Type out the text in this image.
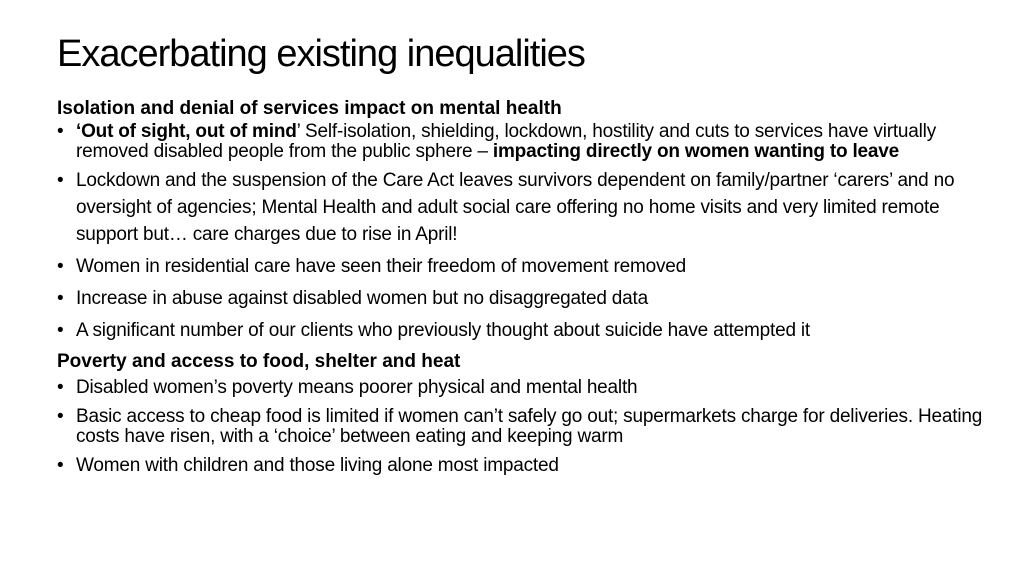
Exacerbating existing inequalities
Isolation and denial of services impact on mental health
• ‘Out of sight, out of mind’ Self-isolation, shielding, lockdown, hostility and cuts to services have virtually removed disabled people from the public sphere – impacting directly on women wanting to leave
• Lockdown and the suspension of the Care Act leaves survivors dependent on family/partner ‘carers’ and no oversight of agencies; Mental Health and adult social care offering no home visits and very limited remote support but… care charges due to rise in April!
• Women in residential care have seen their freedom of movement removed
• Increase in abuse against disabled women but no disaggregated data
• A significant number of our clients who previously thought about suicide have attempted it
Poverty and access to food, shelter and heat
• Disabled women’s poverty means poorer physical and mental health
• Basic access to cheap food is limited if women can’t safely go out; supermarkets charge for deliveries. Heating costs have risen, with a ‘choice’ between eating and keeping warm
• Women with children and those living alone most impacted
